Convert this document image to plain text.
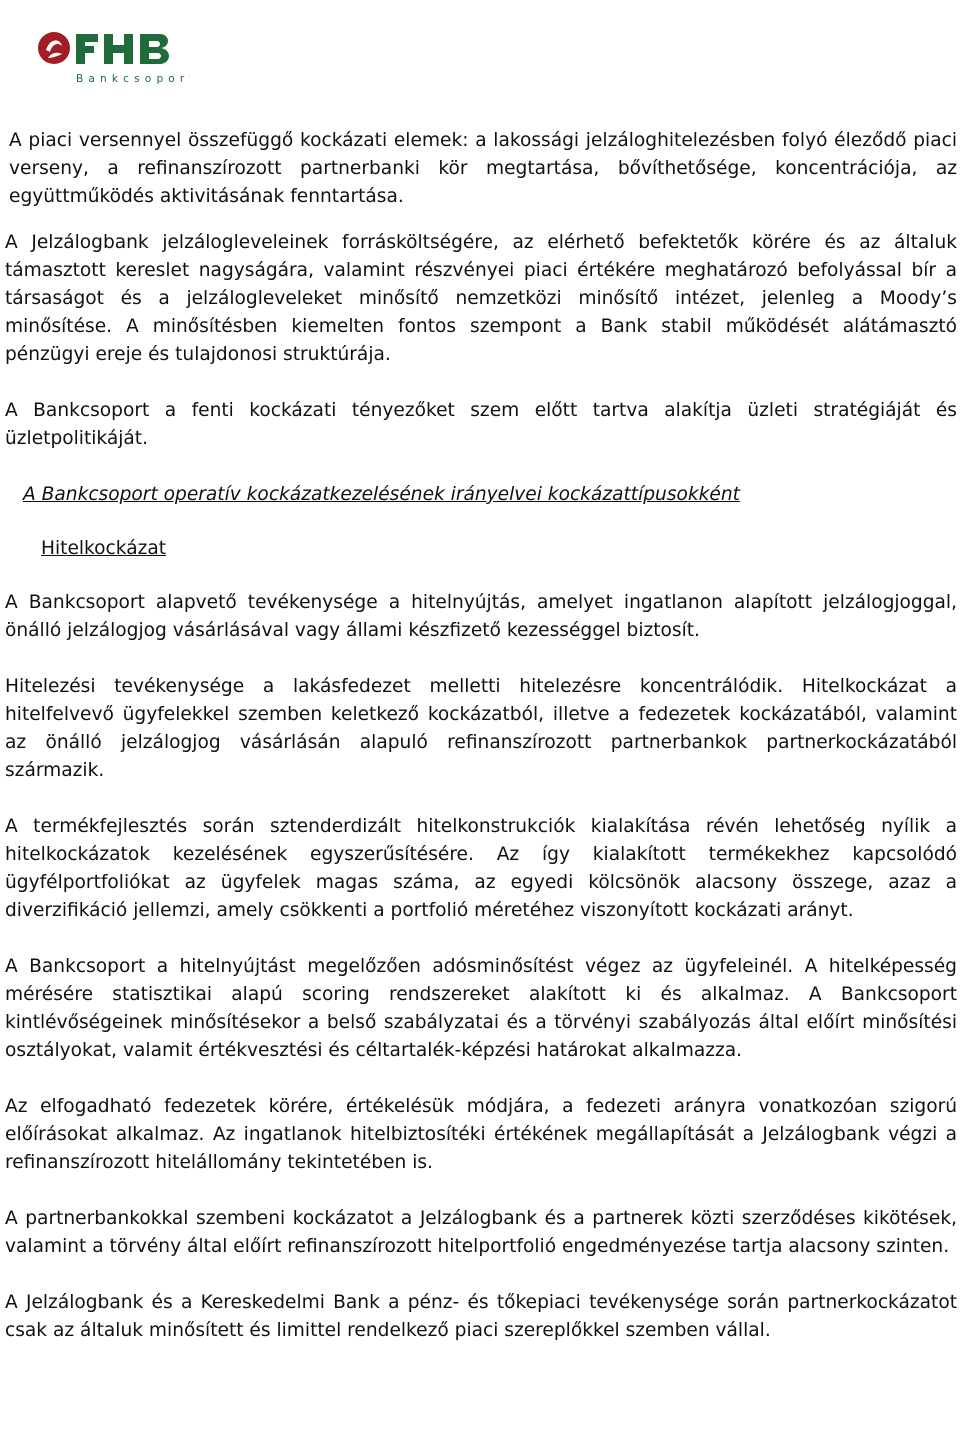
Bankcsoport

A piaci versennyel összefüggő kockázati elemek: a lakossági jelzáloghitelezésben folyó éleződő piaci verseny, a refinanszírozott partnerbanki kör megtartása, bővíthetősége, koncentrációja, az együttműködés aktivitásának fenntartása.

A Jelzálogbank jelzálogleveleinek forrásköltségére, az elérhető befektetők körére és az általuk támasztott kereslet nagyságára, valamint részvényei piaci értékére meghatározó befolyással bír a társaságot és a jelzálogleveleket minősítő nemzetközi minősítő intézet, jelenleg a Moody’s minősítése. A minősítésben kiemelten fontos szempont a Bank stabil működését alátámasztó pénzügyi ereje és tulajdonosi struktúrája.

A Bankcsoport a fenti kockázati tényezőket szem előtt tartva alakítja üzleti stratégiáját és üzletpolitikáját.

A Bankcsoport operatív kockázatkezelésének irányelvei kockázattípusokként

Hitelkockázat

A Bankcsoport alapvető tevékenysége a hitelnyújtás, amelyet ingatlanon alapított jelzálogjoggal, önálló jelzálogjog vásárlásával vagy állami készfizető kezességgel biztosít.

Hitelezési tevékenysége a lakásfedezet melletti hitelezésre koncentrálódik. Hitelkockázat a hitelfelvevő ügyfelekkel szemben keletkező kockázatból, illetve a fedezetek kockázatából, valamint az önálló jelzálogjog vásárlásán alapuló refinanszírozott partnerbankok partnerkockázatából származik.

A termékfejlesztés során sztenderdizált hitelkonstrukciók kialakítása révén lehetőség nyílik a hitelkockázatok kezelésének egyszerűsítésére. Az így kialakított termékekhez kapcsolódó ügyfélportfoliókat az ügyfelek magas száma, az egyedi kölcsönök alacsony összege, azaz a diverzifikáció jellemzi, amely csökkenti a portfolió méretéhez viszonyított kockázati arányt.

A Bankcsoport a hitelnyújtást megelőzően adósminősítést végez az ügyfeleinél. A hitelképesség mérésére statisztikai alapú scoring rendszereket alakított ki és alkalmaz. A Bankcsoport kintlévőségeinek minősítésekor a belső szabályzatai és a törvényi szabályozás által előírt minősítési osztályokat, valamit értékvesztési és céltartalék-képzési határokat alkalmazza.

Az elfogadható fedezetek körére, értékelésük módjára, a fedezeti arányra vonatkozóan szigorú előírásokat alkalmaz. Az ingatlanok hitelbiztosítéki értékének megállapítását a Jelzálogbank végzi a refinanszírozott hitelállomány tekintetében is.

A partnerbankokkal szembeni kockázatot a Jelzálogbank és a partnerek közti szerződéses kikötések, valamint a törvény által előírt refinanszírozott hitelportfolió engedményezése tartja alacsony szinten.

A Jelzálogbank és a Kereskedelmi Bank a pénz- és tőkepiaci tevékenysége során partnerkockázatot csak az általuk minősített és limittel rendelkező piaci szereplőkkel szemben vállal.
